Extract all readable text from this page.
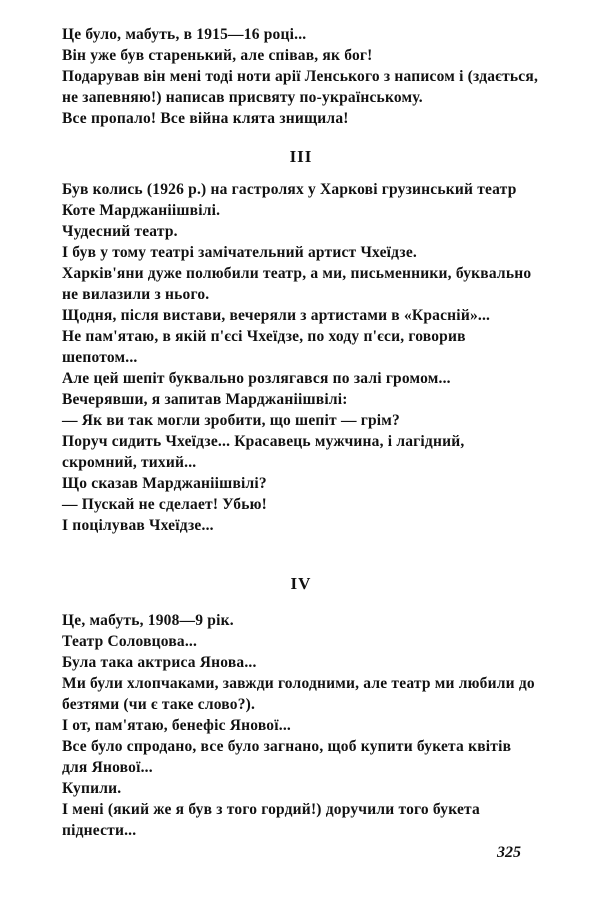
Це було, мабуть, в 1915—16 році...

Він уже був старенький, але співав, як бог!

Подарував він мені тоді ноти арії Ленського з написом і (здається, не запевняю!) написав присвяту по-українському.

Все пропало! Все війна клята знищила!

III

Був колись (1926 р.) на гастролях у Харкові грузинський театр Коте Марджаніішвілі.

Чудесний театр.

І був у тому театрі замічательний артист Чхеїдзе.

Харків'яни дуже полюбили театр, а ми, письменники, буквально не вилазили з нього.

Щодня, після вистави, вечеряли з артистами в «Красній»...

Не пам'ятаю, в якій п'єсі Чхеїдзе, по ходу п'єси, говорив шепотом...

Але цей шепіт буквально розлягався по залі громом...

Вечерявши, я запитав Марджаніішвілі:

— Як ви так могли зробити, що шепіт — грім?

Поруч сидить Чхеїдзе... Красавець мужчина, і лагідний, скромний, тихий...

Що сказав Марджаніішвілі?

— Пускай не сделает! Убью!

І поцілував Чхеїдзе...

IV

Це, мабуть, 1908—9 рік.

Театр Соловцова...

Була така актриса Янова...

Ми були хлопчаками, завжди голодними, але театр ми любили до безтями (чи є таке слово?).

І от, пам'ятаю, бенефіс Янової...

Все було спродано, все було загнано, щоб купити букета квітів для Янової...

Купили.

І мені (який же я був з того гордий!) доручили того букета піднести...

325
